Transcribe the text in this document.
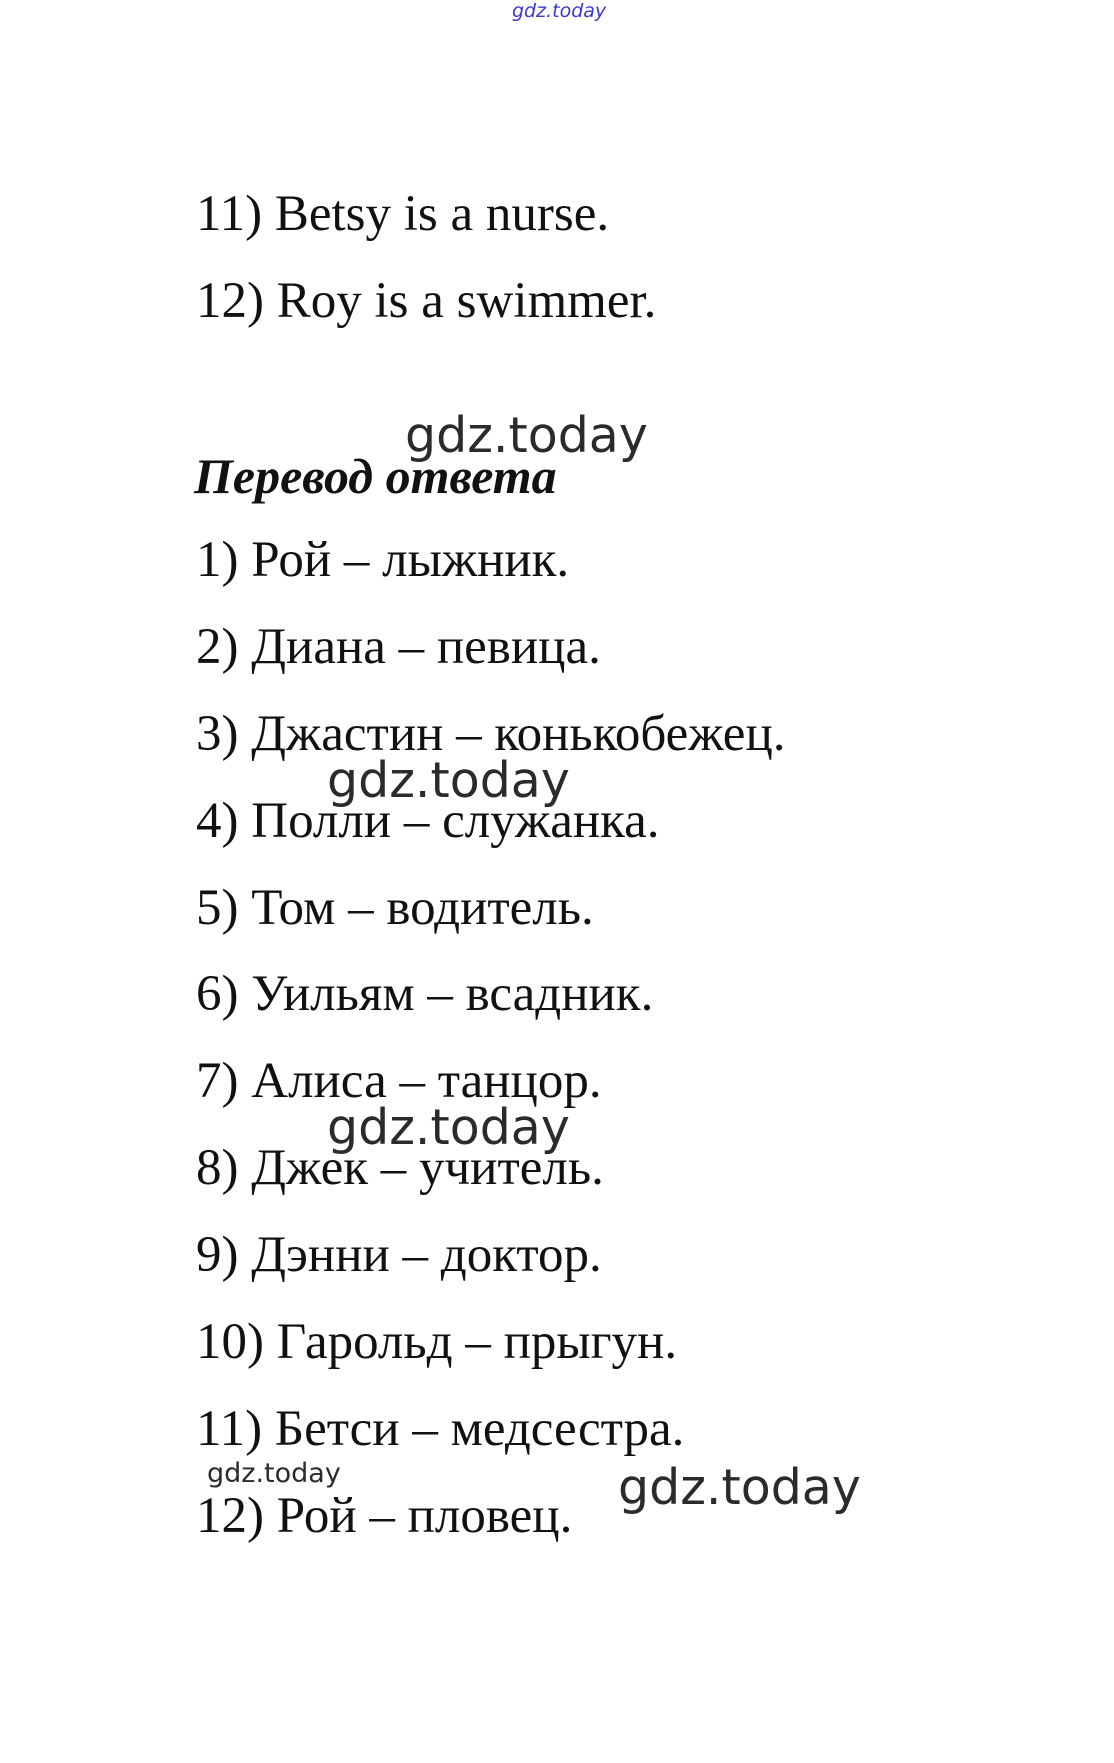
gdz.today
11) Betsy is a nurse.
12) Roy is a swimmer.
gdz.today
Перевод ответа
1) Рой – лыжник.
2) Диана – певица.
3) Джастин – конькобежец.
4) Полли – служанка.
5) Том – водитель.
6) Уильям – всадник.
7) Алиса – танцор.
8) Джек – учитель.
9) Дэнни – доктор.
10) Гарольд – прыгун.
11) Бетси – медсестра.
12) Рой – пловец.
gdz.today
gdz.today
gdz.today	gdz.today
